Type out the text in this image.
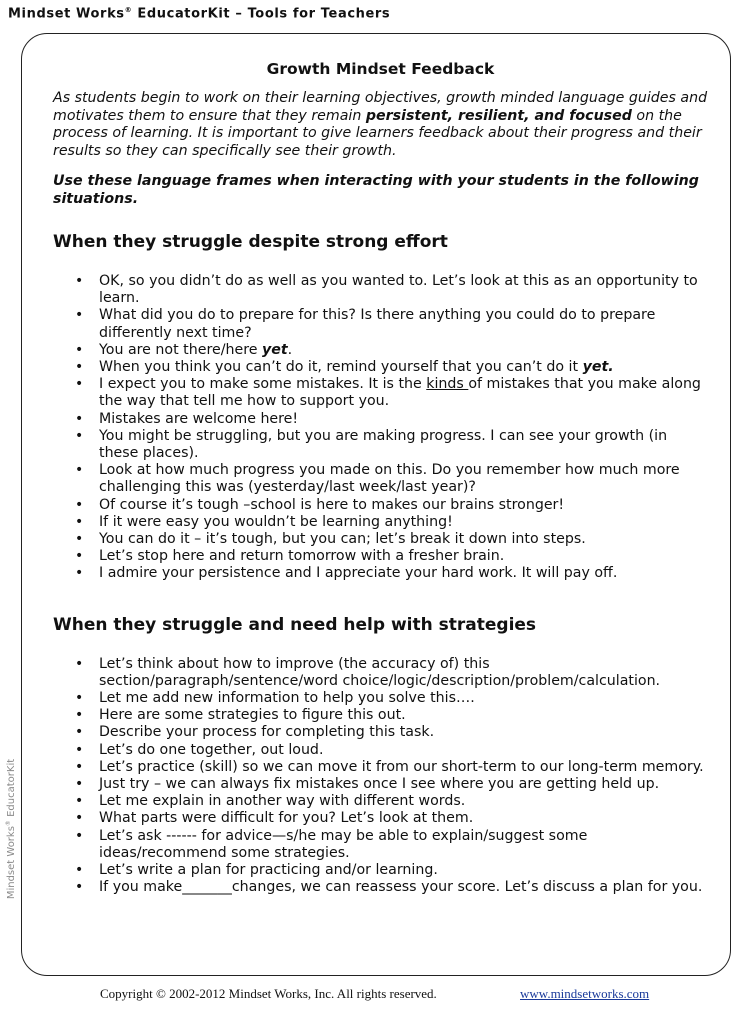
Mindset Works® EducatorKit – Tools for Teachers
Mindset Works® EducatorKit
Growth Mindset Feedback

As students begin to work on their learning objectives, growth minded language guides and motivates them to ensure that they remain persistent, resilient, and focused on the process of learning. It is important to give learners feedback about their progress and their results so they can specifically see their growth.

Use these language frames when interacting with your students in the following situations.

When they struggle despite strong effort
• OK, so you didn’t do as well as you wanted to. Let’s look at this as an opportunity to learn.
• What did you do to prepare for this? Is there anything you could do to prepare differently next time?
• You are not there/here yet.
• When you think you can’t do it, remind yourself that you can’t do it yet.
• I expect you to make some mistakes. It is the kinds of mistakes that you make along the way that tell me how to support you.
• Mistakes are welcome here!
• You might be struggling, but you are making progress. I can see your growth (in these places).
• Look at how much progress you made on this. Do you remember how much more challenging this was (yesterday/last week/last year)?
• Of course it’s tough –school is here to makes our brains stronger!
• If it were easy you wouldn’t be learning anything!
• You can do it – it’s tough, but you can; let’s break it down into steps.
• Let’s stop here and return tomorrow with a fresher brain.
• I admire your persistence and I appreciate your hard work. It will pay off.
When they struggle and need help with strategies
• Let’s think about how to improve (the accuracy of) this section/paragraph/sentence/word choice/logic/description/problem/calculation.
• Let me add new information to help you solve this….
• Here are some strategies to figure this out.
• Describe your process for completing this task.
• Let’s do one together, out loud.
• Let’s practice (skill) so we can move it from our short-term to our long-term memory.
• Just try – we can always fix mistakes once I see where you are getting held up.
• Let me explain in another way with different words.
• What parts were difficult for you? Let’s look at them.
• Let’s ask ------ for advice—s/he may be able to explain/suggest some ideas/recommend some strategies.
• Let’s write a plan for practicing and/or learning.
• If you make_______changes, we can reassess your score. Let’s discuss a plan for you.
Copyright © 2002-2012 Mindset Works, Inc. All rights reserved.	www.mindsetworks.com
